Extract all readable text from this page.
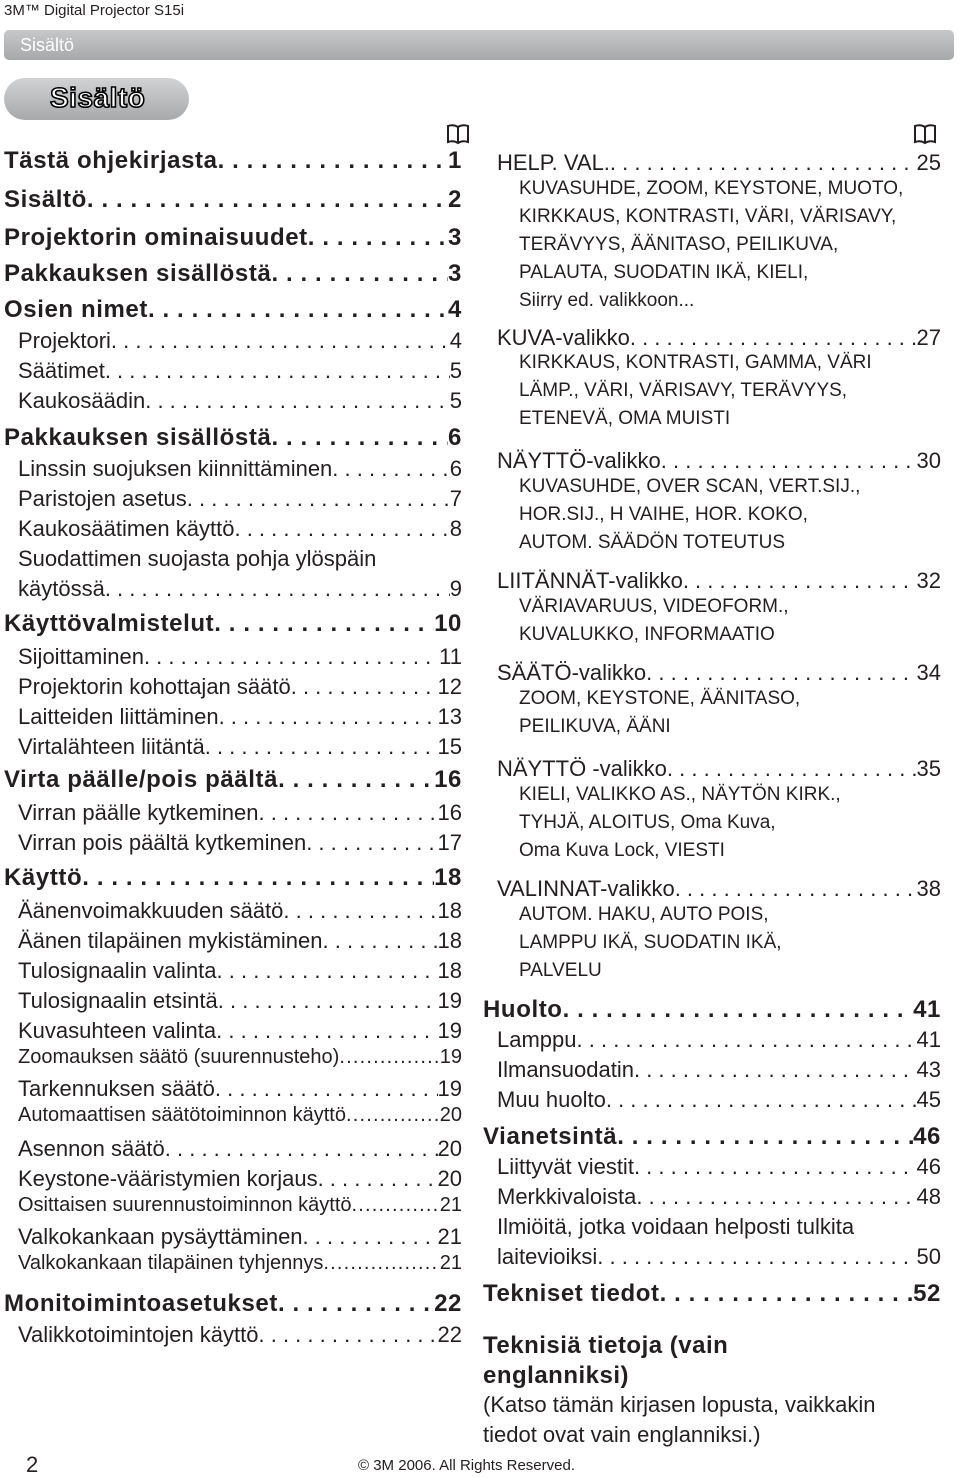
3M™ Digital Projector S15i
Sisältö
Sisältö
Tästä ohjekirjasta . . .	1
Sisältö . . .	2
Projektorin ominaisuudet . . .	3
Pakkauksen sisällöstä . . .	3
Osien nimet . . .	4
Projektori . . .	4
Säätimet . . .	5
Kaukosäädin . . .	5
Pakkauksen sisällöstä . . .	6
Linssin suojuksen kiinnittäminen . . .	6
Paristojen asetus . . .	7
Kaukosäätimen käyttö . . .	8
Suodattimen suojasta pohja ylöspäin
käytössä . . .	9
Käyttövalmistelut . . .	10
Sijoittaminen . . .	11
Projektorin kohottajan säätö . . .	12
Laitteiden liittäminen . . .	13
Virtalähteen liitäntä . . .	15
Virta päälle/pois päältä . . .	16
Virran päälle kytkeminen . . .	16
Virran pois päältä kytkeminen . . .	17
Käyttö . . .	18
Äänenvoimakkuuden säätö . . .	18
Äänen tilapäinen mykistäminen . . .	18
Tulosignaalin valinta . . .	18
Tulosignaalin etsintä . . .	19
Kuvasuhteen valinta . . .	19
Zoomauksen säätö (suurennusteho) .....	19
Tarkennuksen säätö . . .	19
Automaattisen säätötoiminnon käyttö .....	20
Asennon säätö . . .	20
Keystone-vääristymien korjaus . . .	20
Osittaisen suurennustoiminnon käyttö .....	21
Valkokankaan pysäyttäminen . . .	21
Valkokankaan tilapäinen tyhjennys .....	21
Monitoimintoasetukset . . .	22
Valikkotoimintojen käyttö . . .	22
HELP. VAL. . . .	25
KUVASUHDE, ZOOM, KEYSTONE, MUOTO,
KIRKKAUS, KONTRASTI, VÄRI, VÄRISAVY,
TERÄVYYS, ÄÄNITASO, PEILIKUVA,
PALAUTA, SUODATIN IKÄ, KIELI,
Siirry ed. valikkoon...
KUVA-valikko . . .	27
KIRKKAUS, KONTRASTI, GAMMA, VÄRI
LÄMP., VÄRI, VÄRISAVY, TERÄVYYS,
ETENEVÄ, OMA MUISTI
NÄYTTÖ-valikko . . .	30
KUVASUHDE, OVER SCAN, VERT.SIJ.,
HOR.SIJ., H VAIHE, HOR. KOKO,
AUTOM. SÄÄDÖN TOTEUTUS
LIITÄNNÄT-valikko . . .	32
VÄRIAVARUUS, VIDEOFORM.,
KUVALUKKO, INFORMAATIO
SÄÄTÖ-valikko . . .	34
ZOOM, KEYSTONE, ÄÄNITASO,
PEILIKUVA, ÄÄNI
NÄYTTÖ -valikko . . .	35
KIELI, VALIKKO AS., NÄYTÖN KIRK.,
TYHJÄ, ALOITUS, Oma Kuva,
Oma Kuva Lock, VIESTI
VALINNAT-valikko . . .	38
AUTOM. HAKU, AUTO POIS,
LAMPPU IKÄ, SUODATIN IKÄ,
PALVELU
Huolto . . .	41
Lamppu . . .	41
Ilmansuodatin . . .	43
Muu huolto . . .	45
Vianetsintä . . .	46
Liittyvät viestit . . .	46
Merkkivaloista . . .	48
Ilmiöitä, jotka voidaan helposti tulkita
laitevioiksi . . .	50
Tekniset tiedot . . .	52
Teknisiä tietoja (vain
englanniksi)
(Katso tämän kirjasen lopusta, vaikkakin
tiedot ovat vain englanniksi.)
2	© 3M 2006. All Rights Reserved.
